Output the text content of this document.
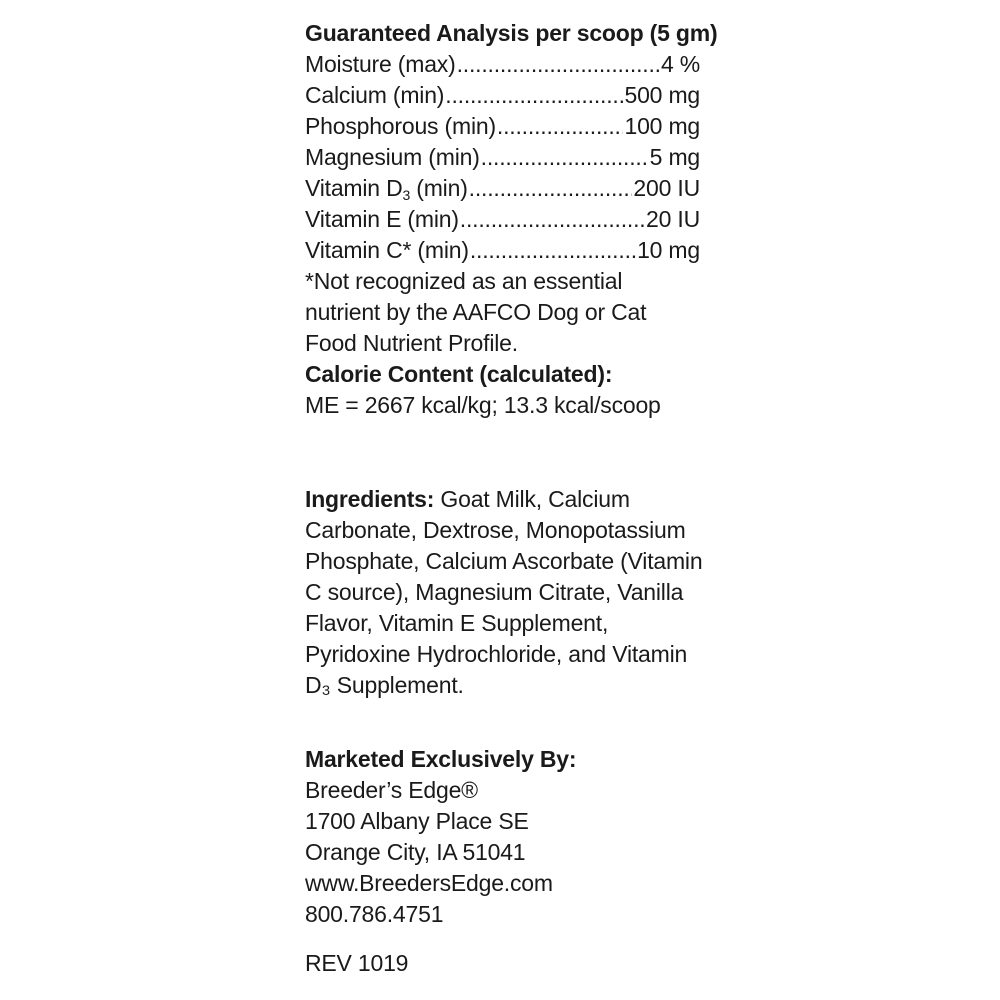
Guaranteed Analysis per scoop (5 gm)
Moisture (max) .....	4 %
Calcium (min) .....	500 mg
Phosphorous (min) .....	100 mg
Magnesium (min) .....	5 mg
Vitamin $D_3$ (min) .....	200 IU
Vitamin E (min) .....	20 IU
Vitamin C* (min) .....	10 mg
*Not recognized as an essential
nutrient by the AAFCO Dog or Cat
Food Nutrient Profile.
Calorie Content (calculated):
ME = 2667 kcal/kg; 13.3 kcal/scoop
Ingredients: Goat Milk, Calcium Carbonate, Dextrose, Monopotassium Phosphate, Calcium Ascorbate (Vitamin C source), Magnesium Citrate, Vanilla Flavor, Vitamin E Supplement, Pyridoxine Hydrochloride, and Vitamin D₃ Supplement.
Marketed Exclusively By:
Breeder’s Edge®
1700 Albany Place SE
Orange City, IA 51041
www.BreedersEdge.com
800.786.4751
REV 1019
